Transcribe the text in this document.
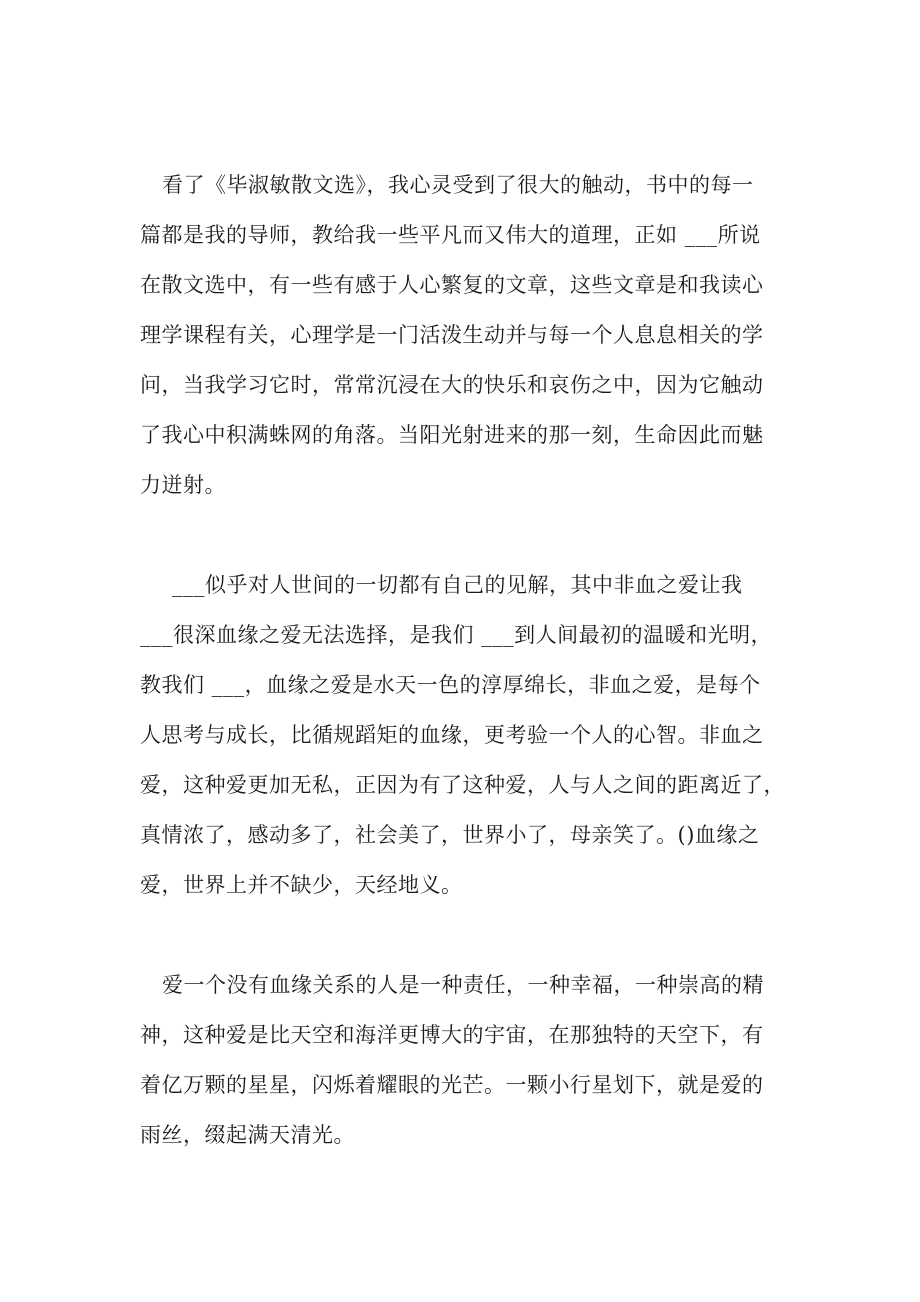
看了《毕淑敏散文选》，我心灵受到了很大的触动，书中的每一
篇都是我的导师，教给我一些平凡而又伟大的道理，正如 ___所说
在散文选中，有一些有感于人心繁复的文章，这些文章是和我读心
理学课程有关，心理学是一门活泼生动并与每一个人息息相关的学
问，当我学习它时，常常沉浸在大的快乐和哀伤之中，因为它触动
了我心中积满蛛网的角落。当阳光射进来的那一刻，生命因此而魅
力迸射。
___似乎对人世间的一切都有自己的见解，其中非血之爱让我
___很深血缘之爱无法选择，是我们 ___到人间最初的温暖和光明，
教我们 ___，血缘之爱是水天一色的淳厚绵长，非血之爱，是每个
人思考与成长，比循规蹈矩的血缘，更考验一个人的心智。非血之
爱，这种爱更加无私，正因为有了这种爱，人与人之间的距离近了，
真情浓了，感动多了，社会美了，世界小了，母亲笑了。()血缘之
爱，世界上并不缺少，天经地义。
爱一个没有血缘关系的人是一种责任，一种幸福，一种崇高的精
神，这种爱是比天空和海洋更博大的宇宙，在那独特的天空下，有
着亿万颗的星星，闪烁着耀眼的光芒。一颗小行星划下，就是爱的
雨丝，缀起满天清光。
